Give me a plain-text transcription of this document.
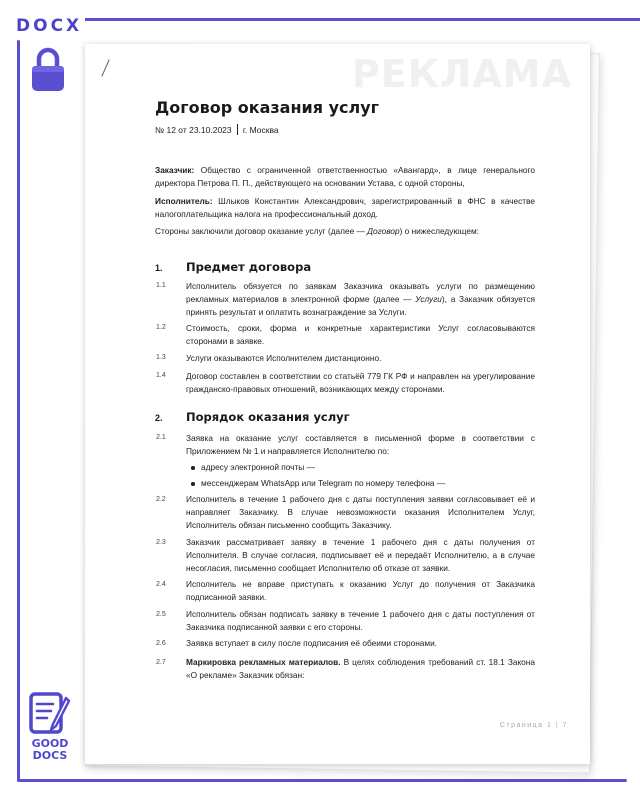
DOCX
GOOD
DOCS
РЕКЛАМА
Договор оказания услуг
№ 12 от 23.10.2023 г. Москва
Заказчик: Общество с ограниченной ответственностью «Авангард», в лице генерального директора Петрова П. П., действующего на основании Устава, с одной стороны,
Исполнитель: Шлыков Константин Александрович, зарегистрированный в ФНС в качестве налогоплательщика налога на профессиональный доход.
Стороны заключили договор оказание услуг (далее — Договор) о нижеследующем:
1. Предмет договора
1.1 Исполнитель обязуется по заявкам Заказчика оказывать услуги по размещению рекламных материалов в электронной форме (далее — Услуги), а Заказчик обязуется принять результат и оплатить вознаграждение за Услуги.
1.2 Стоимость, сроки, форма и конкретные характеристики Услуг согласовываются сторонами в заявке.
1.3 Услуги оказываются Исполнителем дистанционно.
1.4 Договор составлен в соответствии со статьёй 779 ГК РФ и направлен на урегулирование гражданско-правовых отношений, возникающих между сторонами.
2. Порядок оказания услуг
2.1 Заявка на оказание услуг составляется в письменной форме в соответствии с Приложением № 1 и направляется Исполнителю по:
адресу электронной почты —
мессенджерам WhatsApp или Telegram по номеру телефона —
2.2 Исполнитель в течение 1 рабочего дня с даты поступления заявки согласовывает её и направляет Заказчику. В случае невозможности оказания Исполнителем Услуг, Исполнитель обязан письменно сообщить Заказчику.
2.3 Заказчик рассматривает заявку в течение 1 рабочего дня с даты получения от Исполнителя. В случае согласия, подписывает её и передаёт Исполнителю, а в случае несогласия, письменно сообщает Исполнителю об отказе от заявки.
2.4 Исполнитель не вправе приступать к оказанию Услуг до получения от Заказчика подписанной заявки.
2.5 Исполнитель обязан подписать заявку в течение 1 рабочего дня с даты поступления от Заказчика подписанной заявки с его стороны.
2.6 Заявка вступает в силу после подписания её обеими сторонами.
2.7 Маркировка рекламных материалов. В целях соблюдения требований ст. 18.1 Закона «О рекламе» Заказчик обязан:
Страница 1 | 7
